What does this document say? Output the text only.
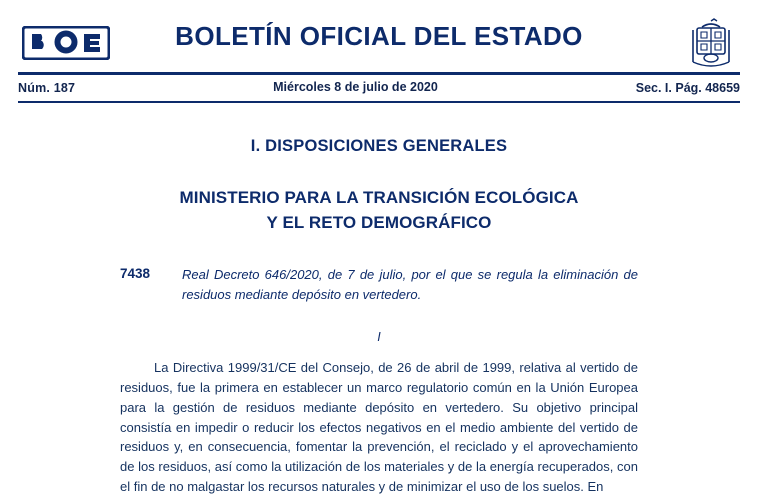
BOLETÍN OFICIAL DEL ESTADO
Núm. 187	Miércoles 8 de julio de 2020	Sec. I. Pág. 48659
I. DISPOSICIONES GENERALES
MINISTERIO PARA LA TRANSICIÓN ECOLÓGICA
Y EL RETO DEMOGRÁFICO
7438	Real Decreto 646/2020, de 7 de julio, por el que se regula la eliminación de residuos mediante depósito en vertedero.
I
La Directiva 1999/31/CE del Consejo, de 26 de abril de 1999, relativa al vertido de residuos, fue la primera en establecer un marco regulatorio común en la Unión Europea para la gestión de residuos mediante depósito en vertedero. Su objetivo principal consistía en impedir o reducir los efectos negativos en el medio ambiente del vertido de residuos y, en consecuencia, fomentar la prevención, el reciclado y el aprovechamiento de los residuos, así como la utilización de los materiales y de la energía recuperados, con el fin de no malgastar los recursos naturales y de minimizar el uso de los suelos. En
